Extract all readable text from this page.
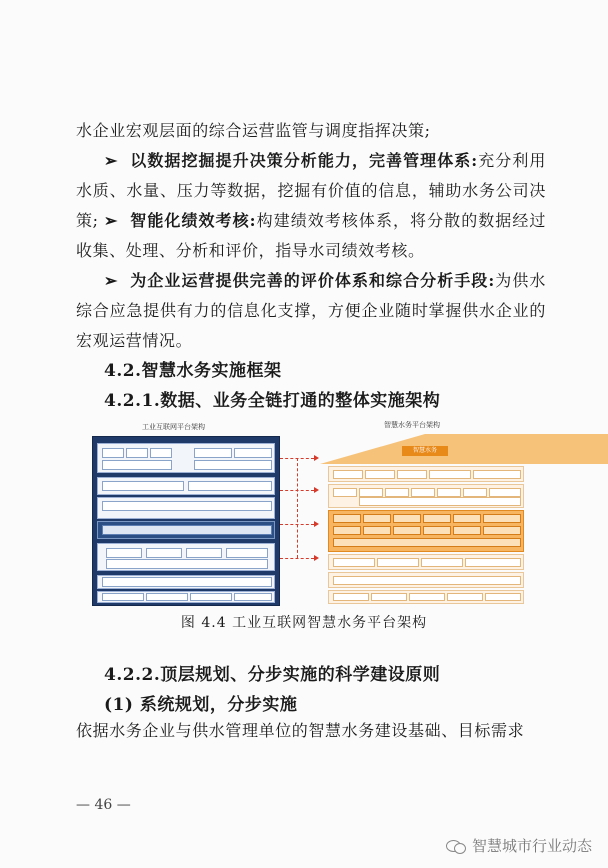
水企业宏观层面的综合运营监管与调度指挥决策;
➢ 以数据挖掘提升决策分析能力，完善管理体系:充分利用水质、水量、压力等数据，挖掘有价值的信息，辅助水务公司决策; ➢ 智能化绩效考核:构建绩效考核体系，将分散的数据经过收集、处理、分析和评价，指导水司绩效考核。
➢ 为企业运营提供完善的评价体系和综合分析手段:为供水综合应急提供有力的信息化支撑，方便企业随时掌握供水企业的宏观运营情况。
4.2.智慧水务实施框架
4.2.1.数据、业务全链打通的整体实施架构
工业互联网平台架构	智慧水务平台架构
智慧水务
图 4.4 工业互联网智慧水务平台架构
4.2.2.顶层规划、分步实施的科学建设原则
(1) 系统规划，分步实施
依据水务企业与供水管理单位的智慧水务建设基础、目标需求
— 46 —
智慧城市行业动态
